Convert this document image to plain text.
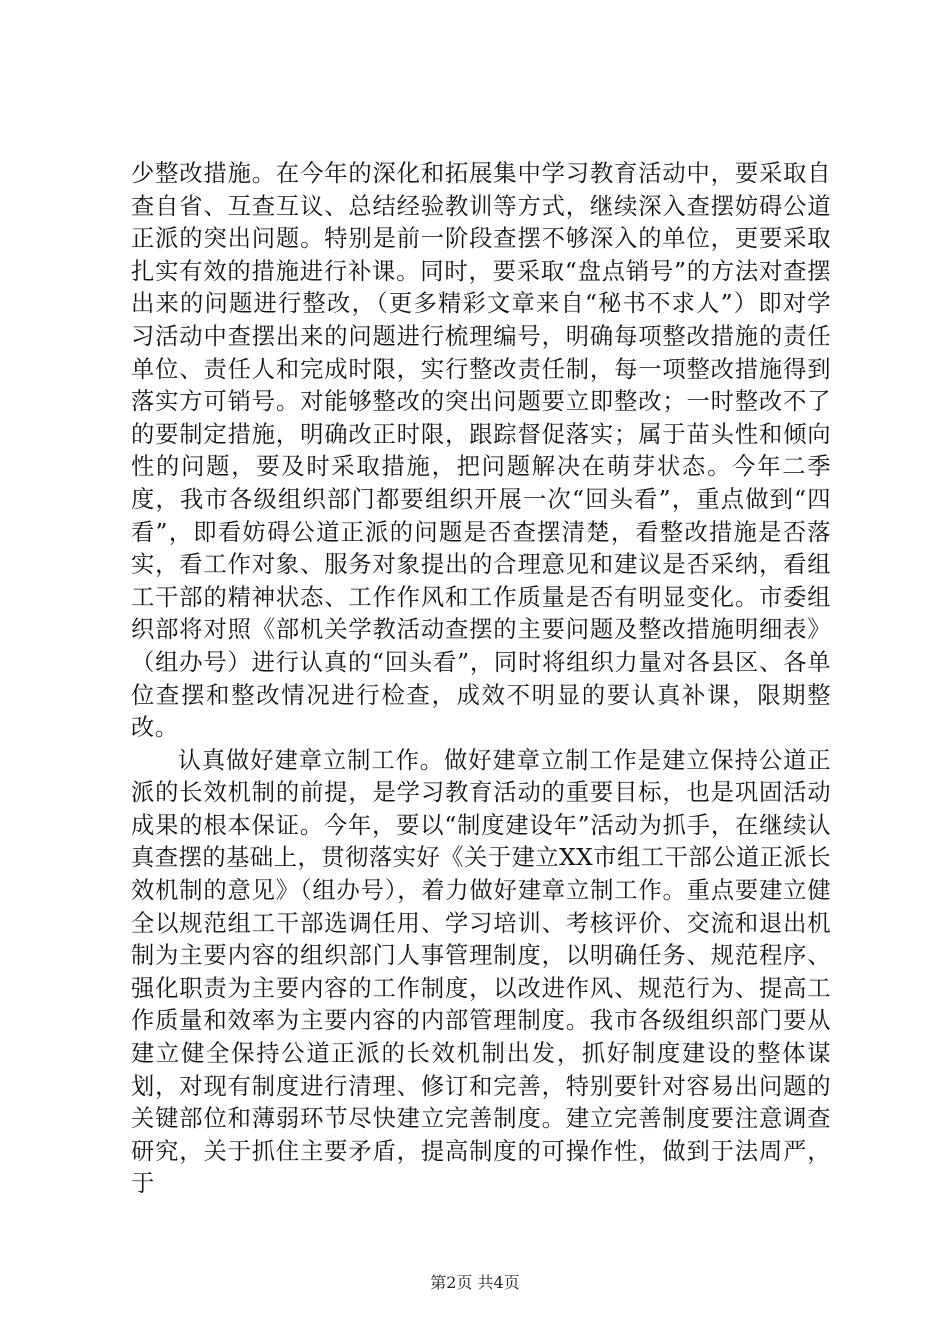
少整改措施。在今年的深化和拓展集中学习教育活动中，要采取自查自省、互查互议、总结经验教训等方式，继续深入查摆妨碍公道正派的突出问题。特别是前一阶段查摆不够深入的单位，更要采取扎实有效的措施进行补课。同时，要采取“盘点销号”的方法对查摆出来的问题进行整改，（更多精彩文章来自“秘书不求人”）即对学习活动中查摆出来的问题进行梳理编号，明确每项整改措施的责任单位、责任人和完成时限，实行整改责任制，每一项整改措施得到落实方可销号。对能够整改的突出问题要立即整改；一时整改不了的要制定措施，明确改正时限，跟踪督促落实；属于苗头性和倾向性的问题，要及时采取措施，把问题解决在萌芽状态。今年二季度，我市各级组织部门都要组织开展一次“回头看”，重点做到“四看”，即看妨碍公道正派的问题是否查摆清楚，看整改措施是否落实，看工作对象、服务对象提出的合理意见和建议是否采纳，看组工干部的精神状态、工作作风和工作质量是否有明显变化。市委组织部将对照《部机关学教活动查摆的主要问题及整改措施明细表》（组办号）进行认真的“回头看”，同时将组织力量对各县区、各单位查摆和整改情况进行检查，成效不明显的要认真补课，限期整改。

认真做好建章立制工作。做好建章立制工作是建立保持公道正派的长效机制的前提，是学习教育活动的重要目标，也是巩固活动成果的根本保证。今年，要以“制度建设年”活动为抓手，在继续认真查摆的基础上，贯彻落实好《关于建立XX市组工干部公道正派长效机制的意见》（组办号），着力做好建章立制工作。重点要建立健全以规范组工干部选调任用、学习培训、考核评价、交流和退出机制为主要内容的组织部门人事管理制度，以明确任务、规范程序、强化职责为主要内容的工作制度，以改进作风、规范行为、提高工作质量和效率为主要内容的内部管理制度。我市各级组织部门要从建立健全保持公道正派的长效机制出发，抓好制度建设的整体谋划，对现有制度进行清理、修订和完善，特别要针对容易出问题的关键部位和薄弱环节尽快建立完善制度。建立完善制度要注意调查研究，关于抓住主要矛盾，提高制度的可操作性，做到于法周严，于

第2页 共4页
